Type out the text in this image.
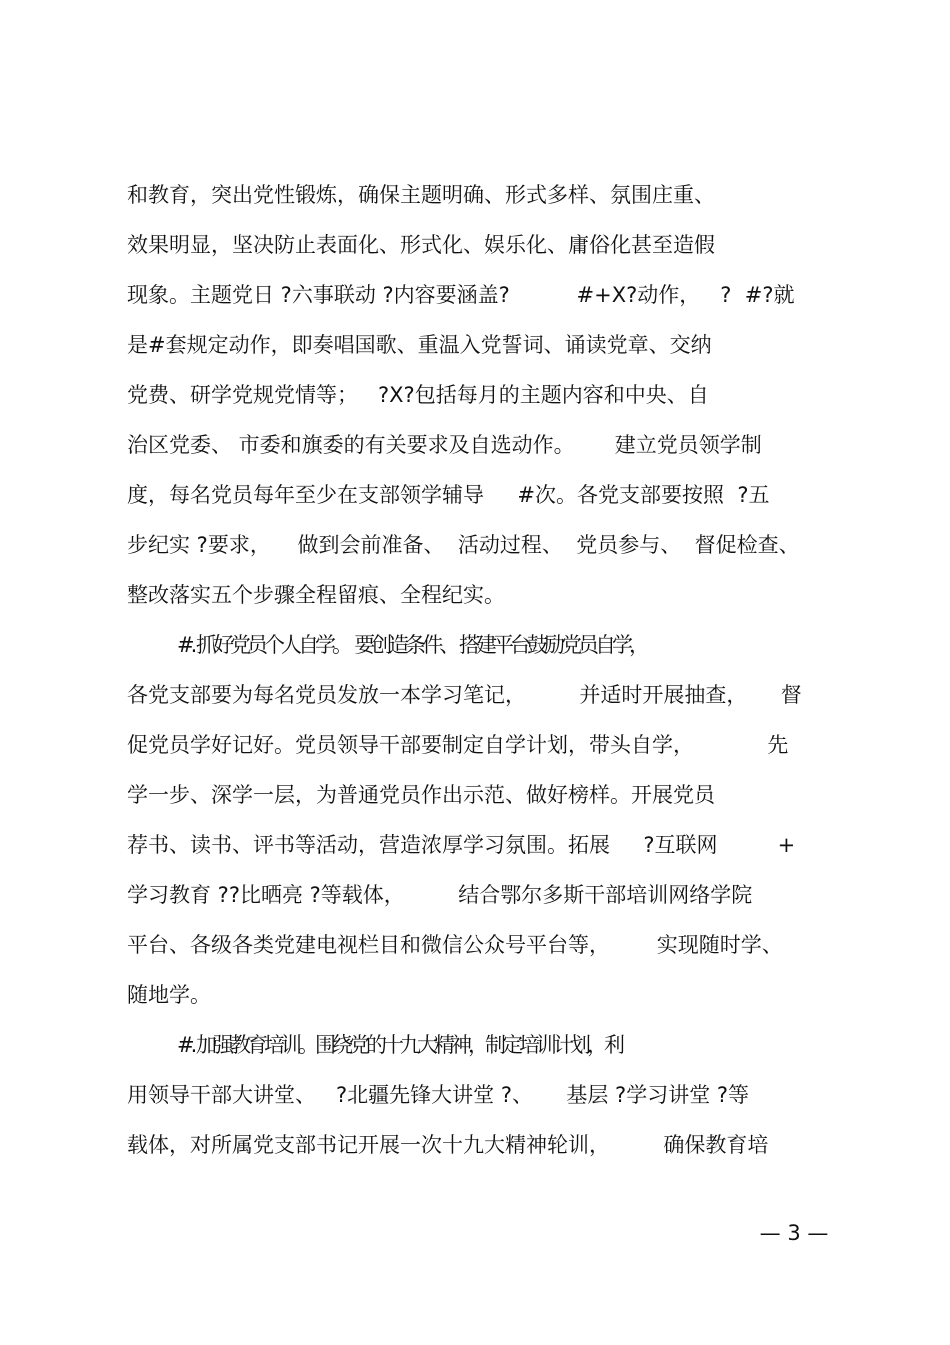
和教育，突出党性锻炼，确保主题明确、形式多样、氛围庄重、
效果明显，坚决防止表面化、形式化、娱乐化、庸俗化甚至造假
现象。主题党日 ?六事联动 ?内容要涵盖?          #+X?动作，   ?  #?就
是#套规定动作，即奏唱国歌、重温入党誓词、诵读党章、交纳
党费、研学党规党情等；   ?X?包括每月的主题内容和中央、自
治区党委、 市委和旗委的有关要求及自选动作。      建立党员领学制
度，每名党员每年至少在支部领学辅导     #次。各党支部要按照  ?五
步纪实 ?要求，    做到会前准备、  活动过程、  党员参与、  督促检查、
整改落实五个步骤全程留痕、全程纪实。
#. 抓好党员个人自学。  要创造条件、 搭建平台鼓励党员自学，
各党支部要为每名党员发放一本学习笔记，        并适时开展抽查，     督
促党员学好记好。党员领导干部要制定自学计划，带头自学，           先
学一步、深学一层，为普通党员作出示范、做好榜样。开展党员
荐书、读书、评书等活动，营造浓厚学习氛围。拓展     ?互联网         +
学习教育 ??比晒亮 ?等载体，        结合鄂尔多斯干部培训网络学院
平台、各级各类党建电视栏目和微信公众号平台等，       实现随时学、
随地学。
#. 加强教育培训。围绕党的十九大精神，制定培训计划，利
用领导干部大讲堂、   ?北疆先锋大讲堂 ?、     基层 ?学习讲堂 ?等
载体，对所属党支部书记开展一次十九大精神轮训，        确保教育培
— 3 —
